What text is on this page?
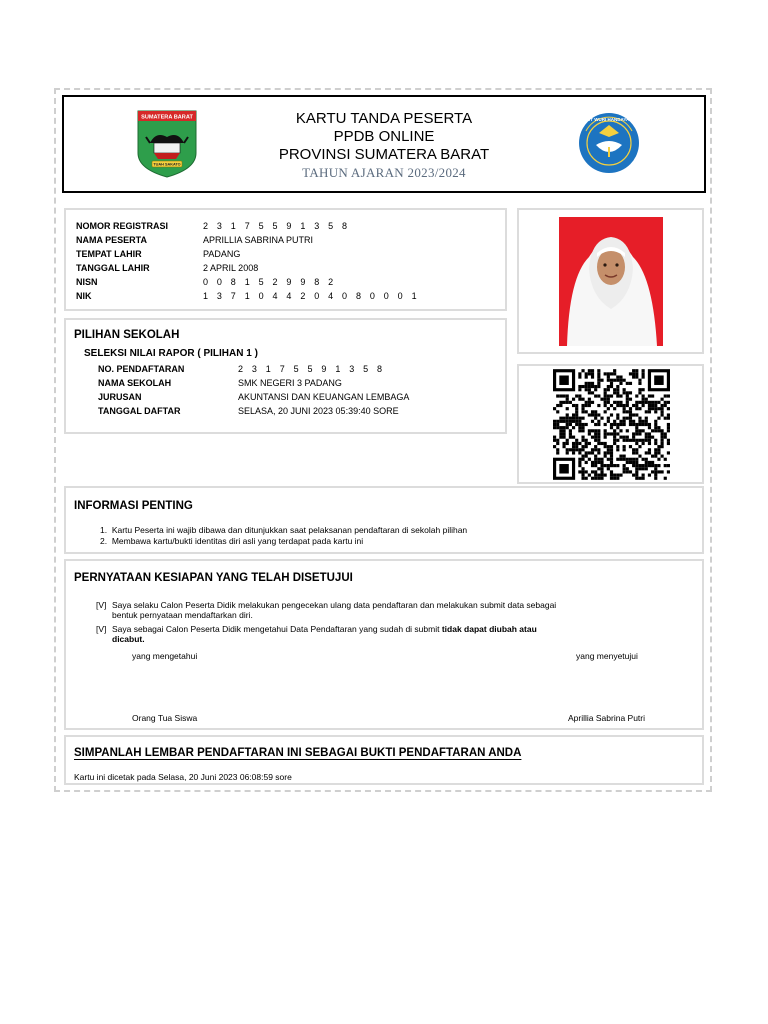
SUMATERA BARAT
TUAH SAKATO
KARTU TANDA PESERTA
PPDB ONLINE
PROVINSI SUMATERA BARAT
TAHUN AJARAN 2023/2024
TUT WURI HANDAYANI
NOMOR REGISTRASI	2 3 1 7 5 5 9 1 3 5 8
NAMA PESERTA	APRILLIA SABRINA PUTRI
TEMPAT LAHIR	PADANG
TANGGAL LAHIR	2 APRIL 2008
NISN	0 0 8 1 5 2 9 9 8 2
NIK	1 3 7 1 0 4 4 2 0 4 0 8 0 0 0 1
PILIHAN SEKOLAH
SELEKSI NILAI RAPOR ( PILIHAN 1 )
NO. PENDAFTARAN	2 3 1 7 5 5 9 1 3 5 8
NAMA SEKOLAH	SMK NEGERI 3 PADANG
JURUSAN	AKUNTANSI DAN KEUANGAN LEMBAGA
TANGGAL DAFTAR	SELASA, 20 JUNI 2023 05:39:40 SORE
INFORMASI PENTING
1.  Kartu Peserta ini wajib dibawa dan ditunjukkan saat pelaksanan pendaftaran di sekolah pilihan
2.  Membawa kartu/bukti identitas diri asli yang terdapat pada kartu ini
PERNYATAAN KESIAPAN YANG TELAH DISETUJUI
[V] Saya selaku Calon Peserta Didik melakukan pengecekan ulang data pendaftaran dan melakukan submit data sebagai
bentuk pernyataan mendaftarkan diri.
[V] Saya sebagai Calon Peserta Didik mengetahui Data Pendaftaran yang sudah di submit tidak dapat diubah atau
dicabut.
yang mengetahui	yang menyetujui
Orang Tua Siswa	Aprillia Sabrina Putri
SIMPANLAH LEMBAR PENDAFTARAN INI SEBAGAI BUKTI PENDAFTARAN ANDA
Kartu ini dicetak pada Selasa, 20 Juni 2023 06:08:59 sore
